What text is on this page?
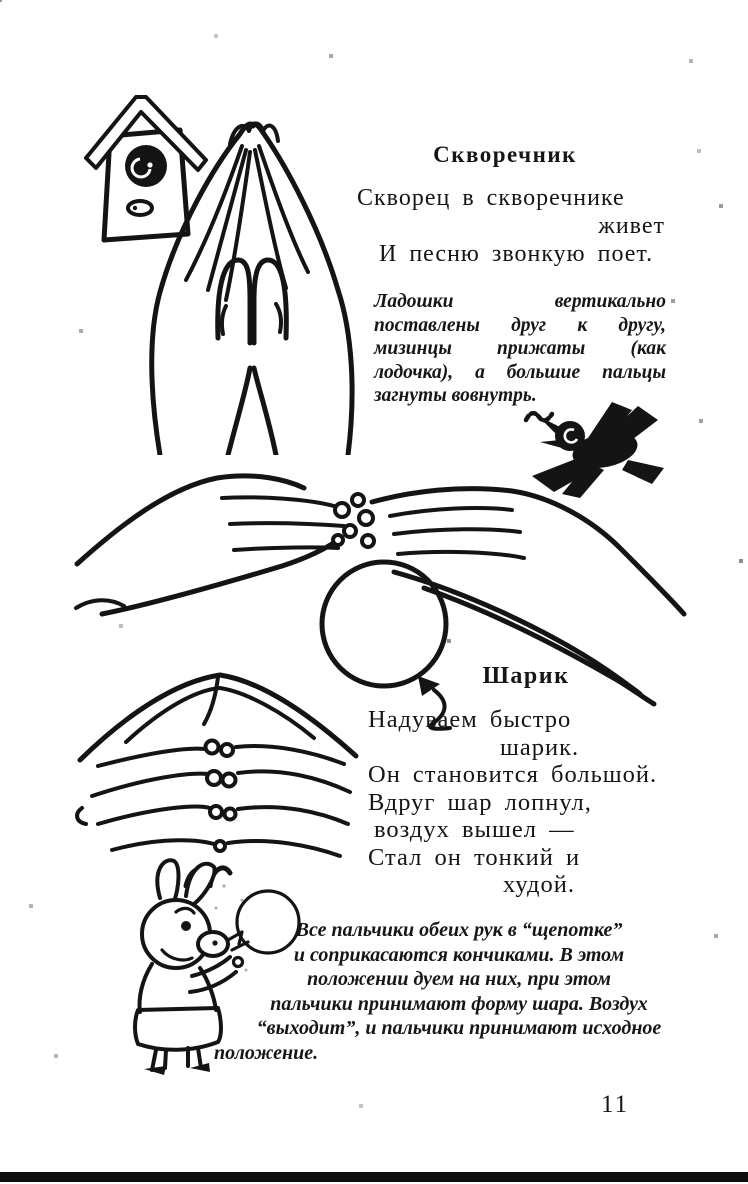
Скворечник
Скворец в скворечнике
живет
И песню звонкую поет.
Ладошки вертикально
поставлены друг к другу,
мизинцы прижаты (как
лодочка), а большие пальцы
загнуты вовнутрь.
Шарик
Надуваем быстро
шарик.
Он становится большой.
Вдруг шар лопнул,
воздух вышел —
Стал он тонкий и
худой.
Все пальчики обеих рук в “щепотке”
и соприкасаются кончиками. В этом
положении дуем на них, при этом
пальчики принимают форму шара. Воздух
“выходит”, и пальчики принимают исходное
положение.
11
